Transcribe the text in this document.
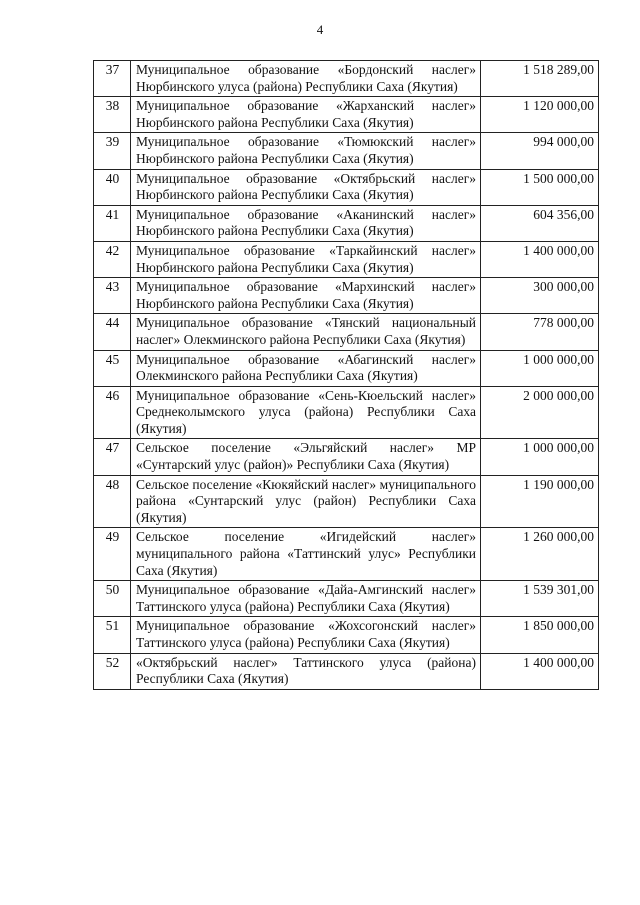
4
37	Муниципальное образование «Бордонский наслег» Нюрбинского улуса (района) Республики Саха (Якутия)	1 518 289,00
38	Муниципальное образование «Жарханский наслег» Нюрбинского района Республики Саха (Якутия)	1 120 000,00
39	Муниципальное образование «Тюмюкский наслег» Нюрбинского района Республики Саха (Якутия)	994 000,00
40	Муниципальное образование «Октябрьский наслег» Нюрбинского района Республики Саха (Якутия)	1 500 000,00
41	Муниципальное образование «Аканинский наслег» Нюрбинского района Республики Саха (Якутия)	604 356,00
42	Муниципальное образование «Таркайинский наслег» Нюрбинского района Республики Саха (Якутия)	1 400 000,00
43	Муниципальное образование «Мархинский наслег» Нюрбинского района Республики Саха (Якутия)	300 000,00
44	Муниципальное образование «Тянский национальный наслег» Олекминского района Республики Саха (Якутия)	778 000,00
45	Муниципальное образование «Абагинский наслег» Олекминского района Республики Саха (Якутия)	1 000 000,00
46	Муниципальное образование «Сень-Кюельский наслег» Среднеколымского улуса (района) Республики Саха (Якутия)	2 000 000,00
47	Сельское поселение «Эльгяйский наслег» МР «Сунтарский улус (район)» Республики Саха (Якутия)	1 000 000,00
48	Сельское поселение «Кюкяйский наслег» муниципального района «Сунтарский улус (район) Республики Саха (Якутия)	1 190 000,00
49	Сельское поселение «Игидейский наслег» муниципального района «Таттинский улус» Республики Саха (Якутия)	1 260 000,00
50	Муниципальное образование «Дайа-Амгинский наслег» Таттинского улуса (района) Республики Саха (Якутия)	1 539 301,00
51	Муниципальное образование «Жохсогонский наслег» Таттинского улуса (района) Республики Саха (Якутия)	1 850 000,00
52	«Октябрьский наслег» Таттинского улуса (района) Республики Саха (Якутия)	1 400 000,00
